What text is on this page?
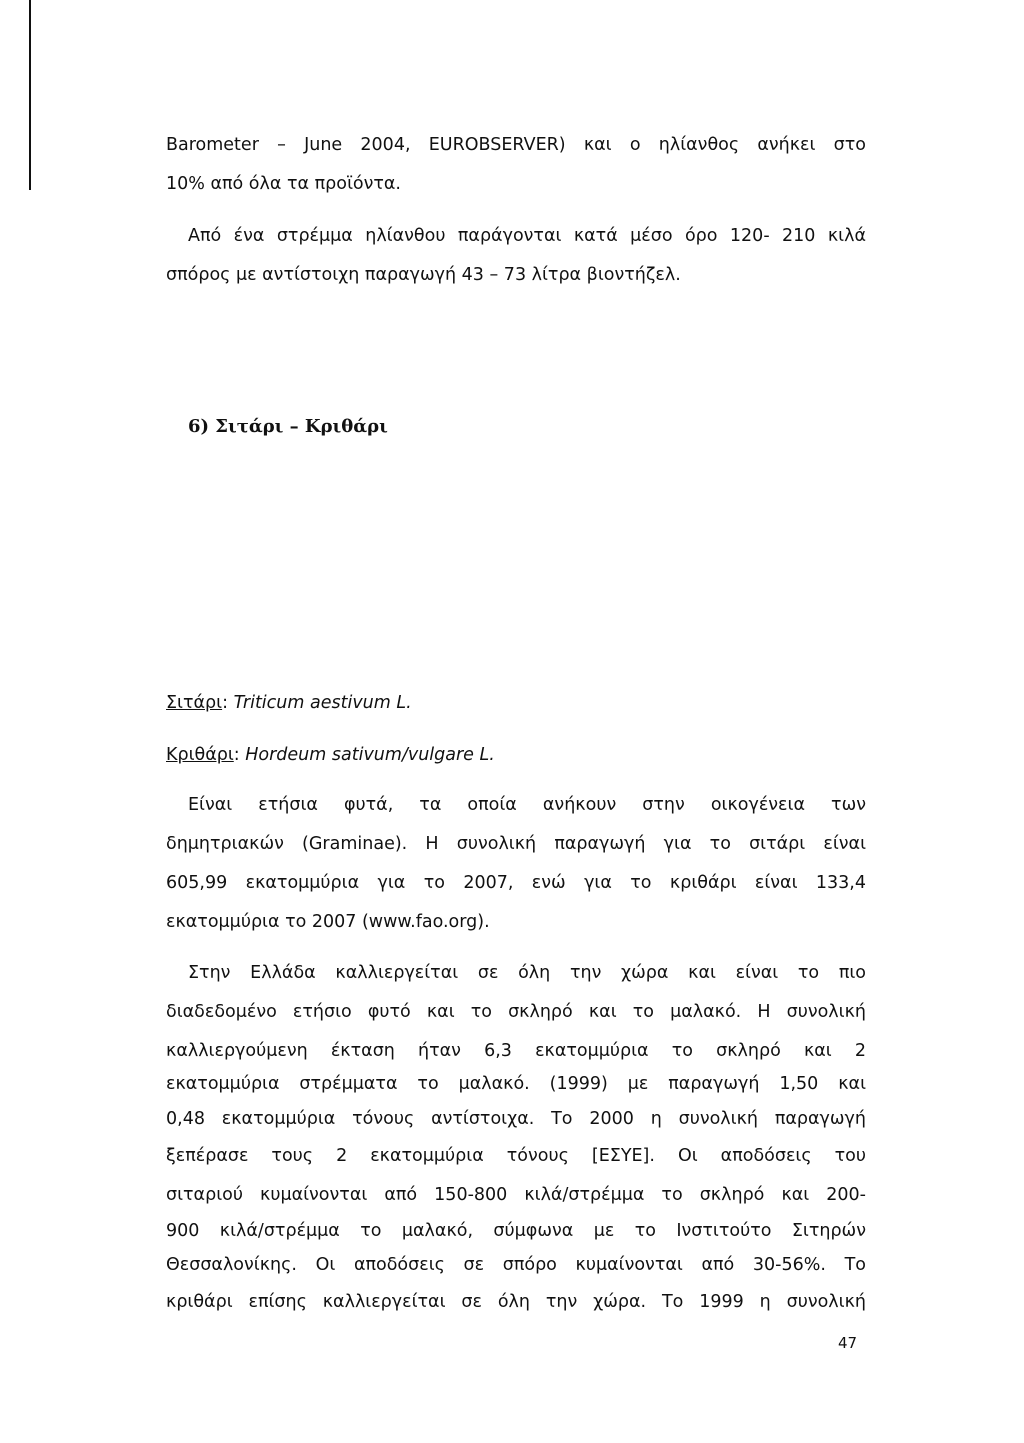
Barometer – June 2004, EUROBSERVER) και ο ηλίανθος ανήκει στο
10% από όλα τα προϊόντα.
Από ένα στρέμμα ηλίανθου παράγονται κατά μέσο όρο 120- 210 κιλά
σπόρος με αντίστοιχη παραγωγή 43 – 73 λίτρα βιοντήζελ.
6) Σιτάρι – Κριθάρι
Σιτάρι: Triticum aestivum L.
Κριθάρι: Hordeum sativum/vulgare L.
Είναι ετήσια φυτά, τα οποία ανήκουν στην οικογένεια των
δημητριακών (Graminae). Η συνολική παραγωγή για το σιτάρι είναι
605,99 εκατομμύρια για το 2007, ενώ για το κριθάρι είναι 133,4
εκατομμύρια το 2007 (www.fao.org).
Στην Ελλάδα καλλιεργείται σε όλη την χώρα και είναι το πιο
διαδεδομένο ετήσιο φυτό και το σκληρό και το μαλακό. Η συνολική
καλλιεργούμενη έκταση ήταν 6,3 εκατομμύρια το σκληρό και 2
εκατομμύρια στρέμματα το μαλακό. (1999) με παραγωγή 1,50 και
0,48 εκατομμύρια τόνους αντίστοιχα. Το 2000 η συνολική παραγωγή
ξεπέρασε τους 2 εκατομμύρια τόνους [ΕΣΥΕ]. Οι αποδόσεις του
σιταριού κυμαίνονται από 150-800 κιλά/στρέμμα το σκληρό και 200-
900 κιλά/στρέμμα το μαλακό, σύμφωνα με το Ινστιτούτο Σιτηρών
Θεσσαλονίκης. Οι αποδόσεις σε σπόρο κυμαίνονται από 30-56%. Το
κριθάρι επίσης καλλιεργείται σε όλη την χώρα. Το 1999 η συνολική
47
